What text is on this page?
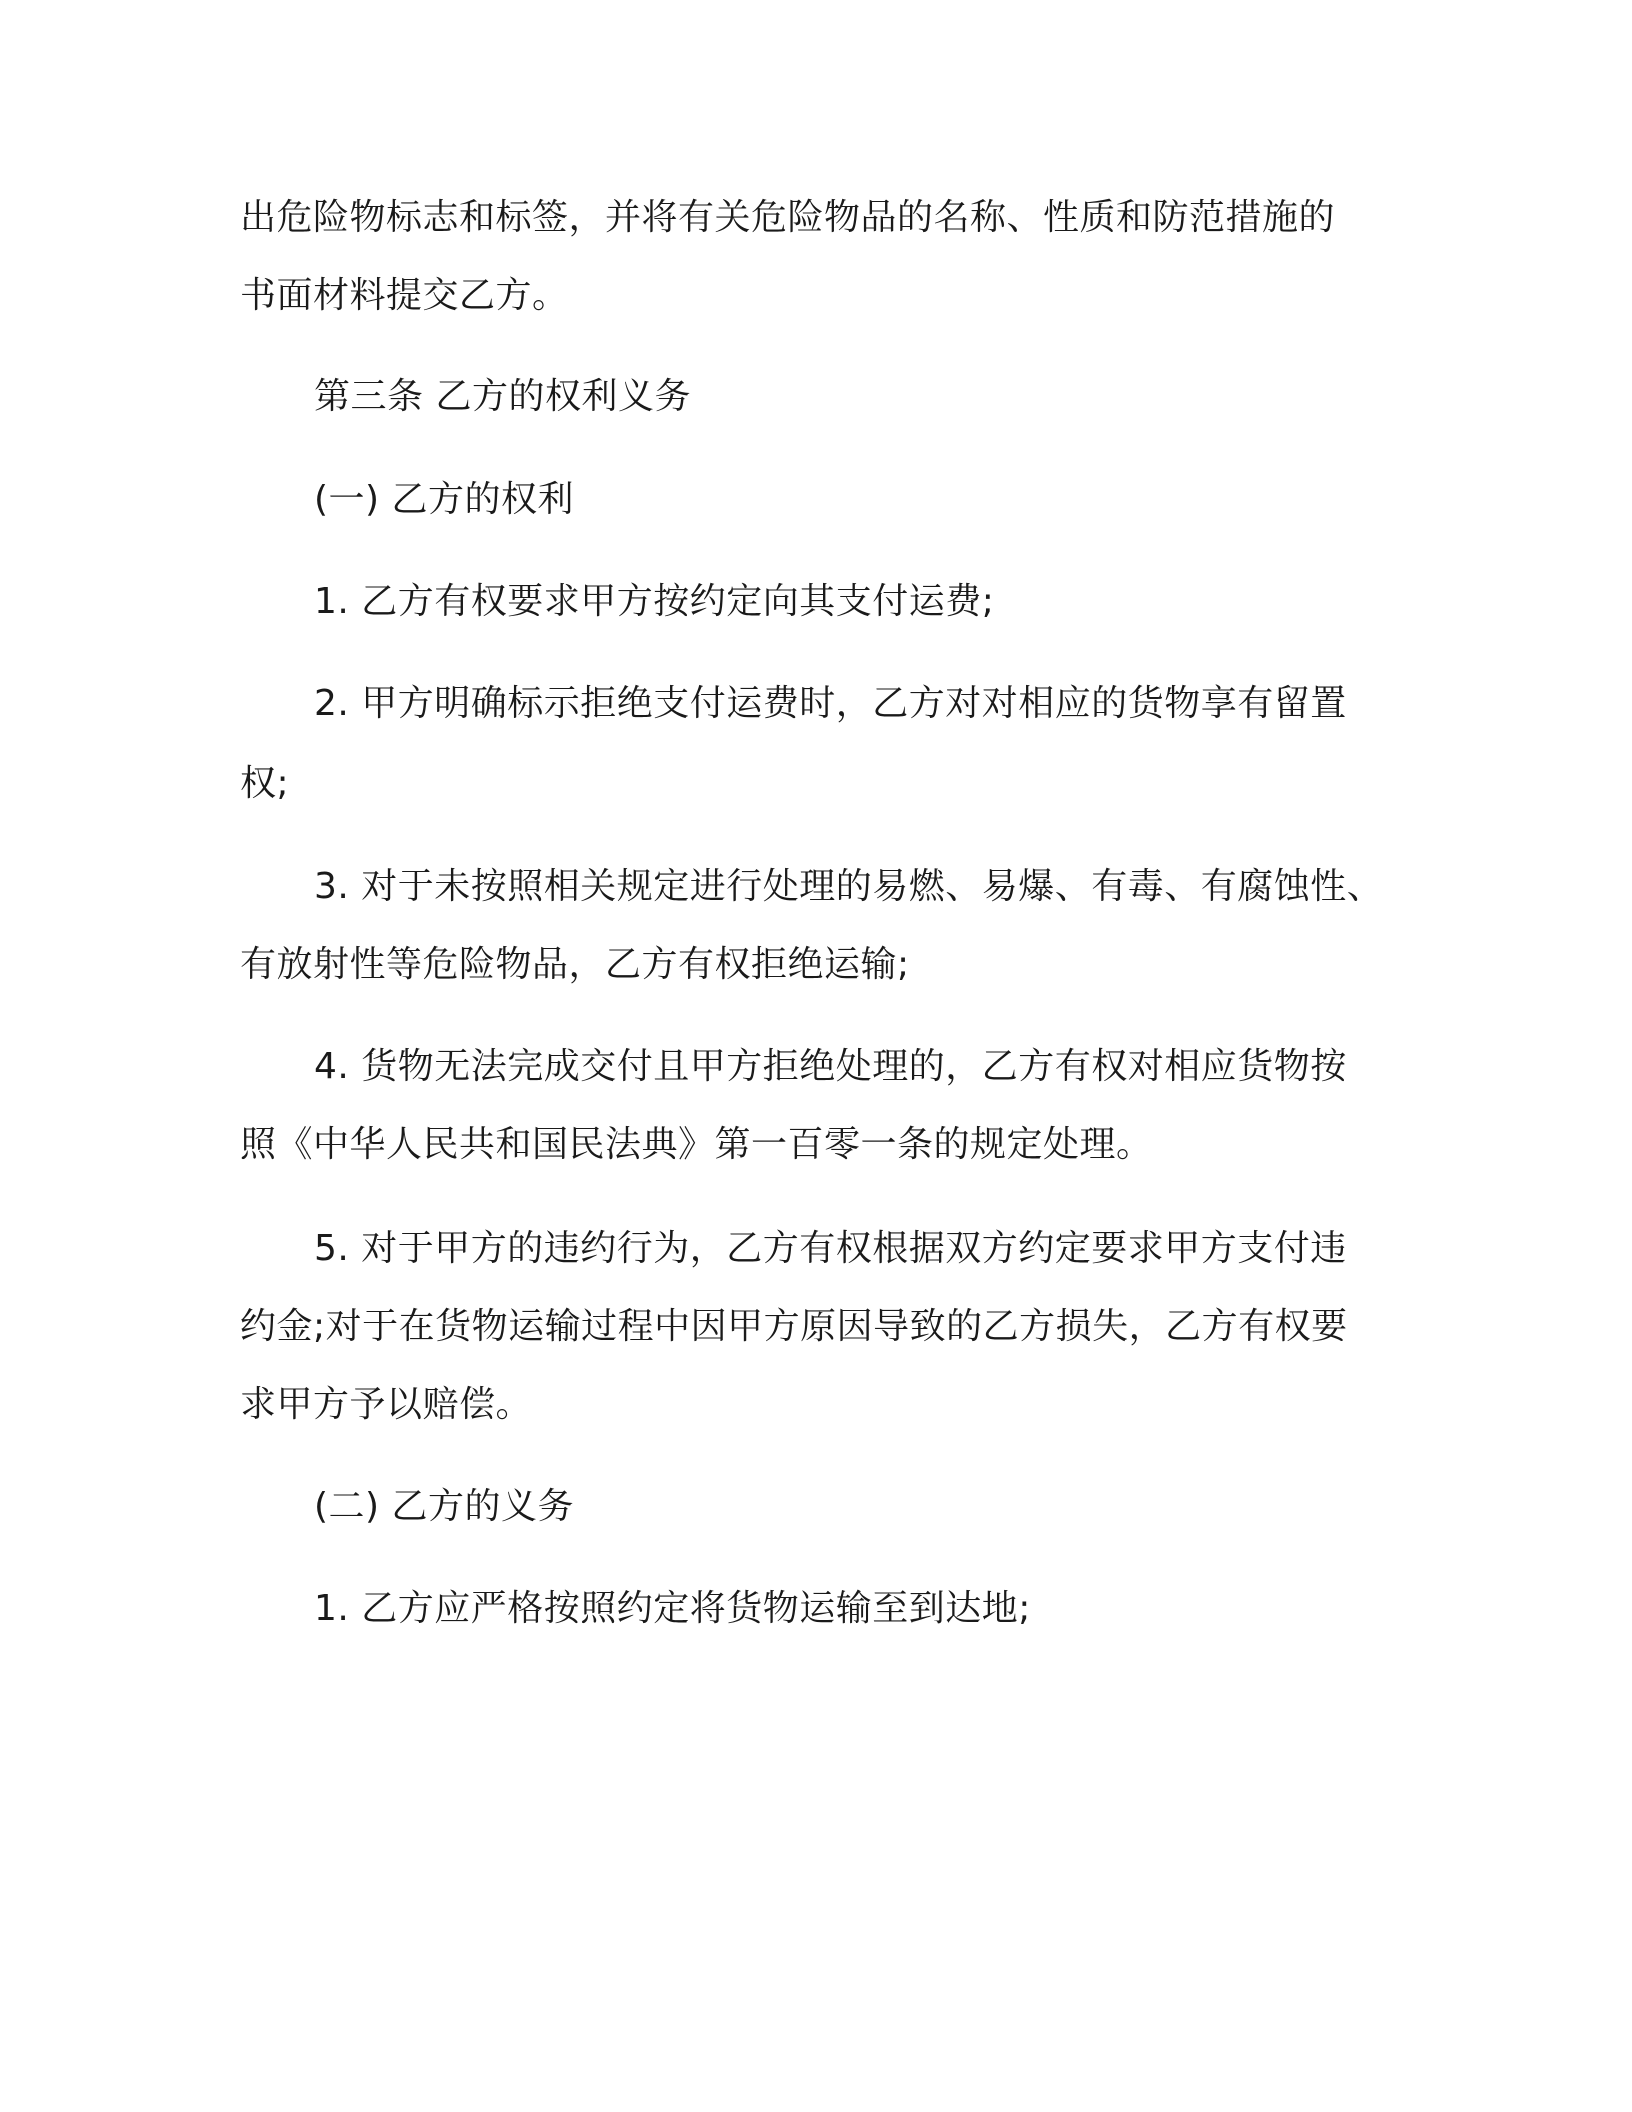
出危险物标志和标签，并将有关危险物品的名称、性质和防范措施的
书面材料提交乙方。
第三条 乙方的权利义务
(一) 乙方的权利
1. 乙方有权要求甲方按约定向其支付运费;
2. 甲方明确标示拒绝支付运费时，乙方对对相应的货物享有留置
权;
3. 对于未按照相关规定进行处理的易燃、易爆、有毒、有腐蚀性、
有放射性等危险物品，乙方有权拒绝运输;
4. 货物无法完成交付且甲方拒绝处理的，乙方有权对相应货物按
照《中华人民共和国民法典》第一百零一条的规定处理。
5. 对于甲方的违约行为，乙方有权根据双方约定要求甲方支付违
约金;对于在货物运输过程中因甲方原因导致的乙方损失，乙方有权要
求甲方予以赔偿。
(二) 乙方的义务
1. 乙方应严格按照约定将货物运输至到达地;
